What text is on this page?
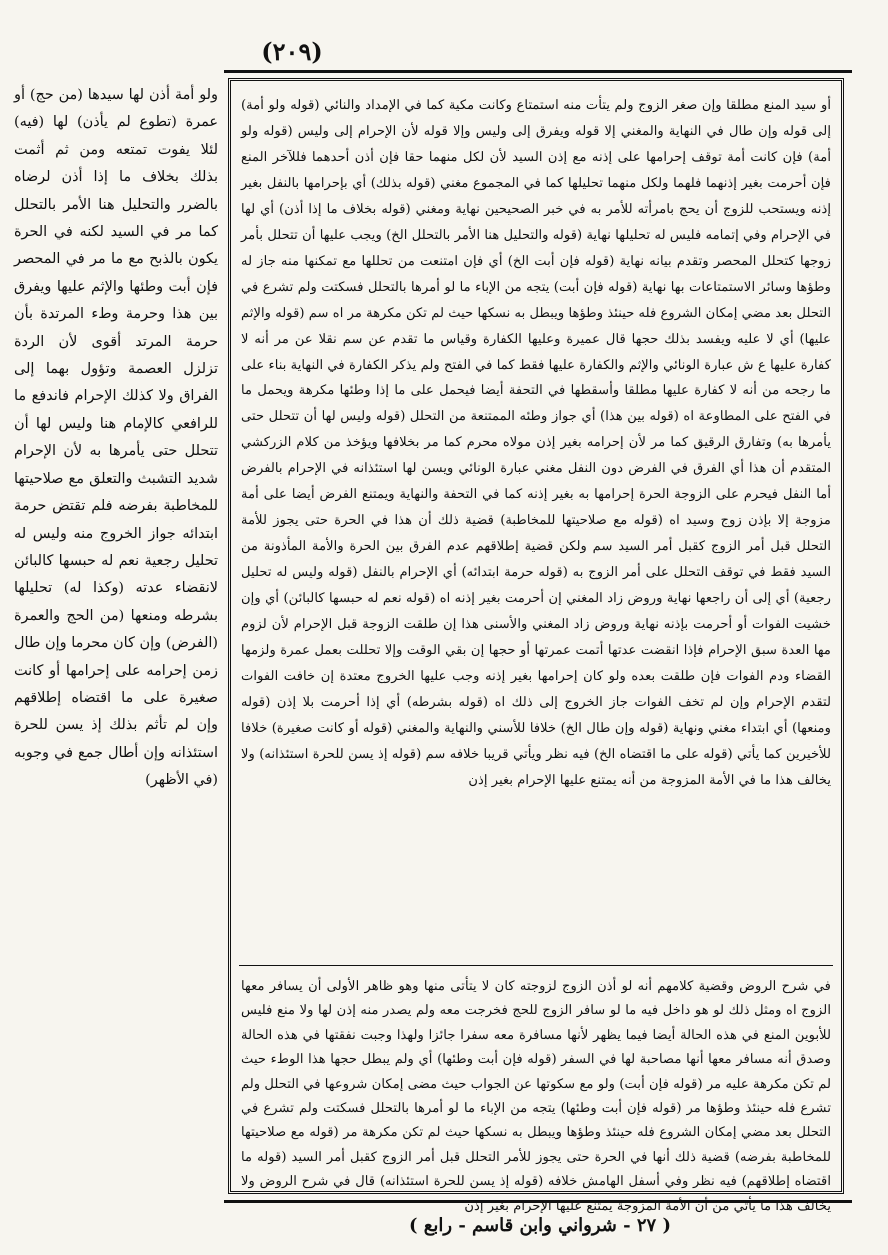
(٢٠٩)
ولو أمة أذن لها سيدها (من حج) أو عمرة (تطوع لم يأذن) لها (فيه) لئلا يفوت تمتعه ومن ثم أثمت بذلك بخلاف ما إذا أذن لرضاه بالضرر والتحليل هنا الأمر بالتحلل كما مر في السيد لكنه في الحرة يكون بالذبح مع ما مر في المحصر فإن أبت وطئها والإثم عليها ويفرق بين هذا وحرمة وطء المرتدة بأن حرمة المرتد أقوى لأن الردة تزلزل العصمة وتؤول بهما إلى الفراق ولا كذلك الإحرام فاندفع ما للرافعي كالإمام هنا وليس لها أن تتحلل حتى يأمرها به لأن الإحرام شديد التشبث والتعلق مع صلاحيتها للمخاطبة بفرضه فلم تقتض حرمة ابتدائه جواز الخروج منه وليس له تحليل رجعية نعم له حبسها كالبائن لانقضاء عدته (وكذا له) تحليلها بشرطه ومنعها (من الحج والعمرة (الفرض) وإن كان محرما وإن طال زمن إحرامه على إحرامها أو كانت صغيرة على ما اقتضاه إطلاقهم وإن لم تأثم بذلك إذ يسن للحرة استئذانه وإن أطال جمع في وجوبه (في الأظهر)
أو سيد المنع مطلقا وإن صغر الزوج ولم يتأت منه استمتاع وكانت مكية كما في الإمداد والنائي (قوله ولو أمة) إلى قوله وإن طال في النهاية والمغني إلا قوله ويفرق إلى وليس وإلا قوله لأن الإحرام إلى وليس (قوله ولو أمة) فإن كانت أمة توقف إحرامها على إذنه مع إذن السيد لأن لكل منهما حقا فإن أذن أحدهما فللآخر المنع فإن أحرمت بغير إذنهما فلهما ولكل منهما تحليلها كما في المجموع مغني (قوله بذلك) أي بإحرامها بالنفل بغير إذنه ويستحب للزوج أن يحج بامرأته للأمر به في خبر الصحيحين نهاية ومغني (قوله بخلاف ما إذا أذن) أي لها في الإحرام وفي إتمامه فليس له تحليلها نهاية (قوله والتحليل هنا الأمر بالتحلل الخ) ويجب عليها أن تتحلل بأمر زوجها كتحلل المحصر وتقدم بيانه نهاية (قوله فإن أبت الخ) أي فإن امتنعت من تحللها مع تمكنها منه جاز له وطؤها وسائر الاستمتاعات بها نهاية (قوله فإن أبت) يتجه من الإباء ما لو أمرها بالتحلل فسكتت ولم تشرع في التحلل بعد مضي إمكان الشروع فله حينئذ وطؤها ويبطل به نسكها حيث لم تكن مكرهة مر اه سم (قوله والإثم عليها) أي لا عليه ويفسد بذلك حجها قال عميرة وعليها الكفارة وقياس ما تقدم عن سم نقلا عن مر أنه لا كفارة عليها ع ش عبارة الونائي والإثم والكفارة عليها فقط كما في الفتح ولم يذكر الكفارة في النهاية بناء على ما رجحه من أنه لا كفارة عليها مطلقا وأسقطها في التحفة أيضا فيحمل على ما إذا وطئها مكرهة ويحمل ما في الفتح على المطاوعة اه (قوله بين هذا) أي جواز وطئه الممتنعة من التحلل (قوله وليس لها أن تتحلل حتى يأمرها به) وتفارق الرقيق كما مر لأن إحرامه بغير إذن مولاه محرم كما مر بخلافها ويؤخذ من كلام الزركشي المتقدم أن هذا أي الفرق في الفرض دون النفل مغني عبارة الونائي ويسن لها استئذانه في الإحرام بالفرض أما النفل فيحرم على الزوجة الحرة إحرامها به بغير إذنه كما في التحفة والنهاية ويمتنع الفرض أيضا على أمة مزوجة إلا بإذن زوج وسيد اه (قوله مع صلاحيتها للمخاطبة) قضية ذلك أن هذا في الحرة حتى يجوز للأمة التحلل قبل أمر الزوج كقبل أمر السيد سم ولكن قضية إطلاقهم عدم الفرق بين الحرة والأمة المأذونة من السيد فقط في توقف التحلل على أمر الزوج به (قوله حرمة ابتدائه) أي الإحرام بالنفل (قوله وليس له تحليل رجعية) أي إلى أن راجعها نهاية وروض زاد المغني إن أحرمت بغير إذنه اه (قوله نعم له حبسها كالبائن) أي وإن خشيت الفوات أو أحرمت بإذنه نهاية وروض زاد المغني والأسنى هذا إن طلقت الزوجة قبل الإحرام لأن لزوم مها العدة سبق الإحرام فإذا انقضت عدتها أتمت عمرتها أو حجها إن بقي الوقت وإلا تحللت بعمل عمرة ولزمها القضاء ودم الفوات فإن طلقت بعده ولو كان إحرامها بغير إذنه وجب عليها الخروج معتدة إن خافت الفوات لتقدم الإحرام وإن لم تخف الفوات جاز الخروج إلى ذلك اه (قوله بشرطه) أي إذا أحرمت بلا إذن (قوله ومنعها) أي ابتداء مغني ونهاية (قوله وإن طال الخ) خلافا للأسني والنهاية والمغني (قوله أو كانت صغيرة) خلافا للأخيرين كما يأتي (قوله على ما اقتضاه الخ) فيه نظر ويأتي قريبا خلافه سم (قوله إذ يسن للحرة استئذانه) ولا يخالف هذا ما في الأمة المزوجة من أنه يمتنع عليها الإحرام بغير إذن
في شرح الروض وقضية كلامهم أنه لو أذن الزوج لزوجته كان لا يتأتى منها وهو ظاهر الأولى أن يسافر معها الزوج اه ومثل ذلك لو هو داخل فيه ما لو سافر الزوج للحج فخرجت معه ولم يصدر منه إذن لها ولا منع فليس للأبوين المنع في هذه الحالة أيضا فيما يظهر لأنها مسافرة معه سفرا جائزا ولهذا وجبت نفقتها في هذه الحالة وصدق أنه مسافر معها أنها مصاحبة لها في السفر (قوله فإن أبت وطئها) أي ولم يبطل حجها هذا الوطء حيث لم تكن مكرهة عليه مر (قوله فإن أبت) ولو مع سكوتها عن الجواب حيث مضى إمكان شروعها في التحلل ولم تشرع فله حينئذ وطؤها مر (قوله فإن أبت وطئها) يتجه من الإباء ما لو أمرها بالتحلل فسكتت ولم تشرع في التحلل بعد مضي إمكان الشروع فله حينئذ وطؤها ويبطل به نسكها حيث لم تكن مكرهة مر (قوله مع صلاحيتها للمخاطبة بفرضه) قضية ذلك أنها في الحرة حتى يجوز للأمر التحلل قبل أمر الزوج كقبل أمر السيد (قوله ما اقتضاه إطلاقهم) فيه نظر وفي أسفل الهامش خلافه (قوله إذ يسن للحرة استئذانه) قال في شرح الروض ولا يخالف هذا ما يأتي من أن الأمة المزوجة يمتنع عليها الإحرام بغير إذن
( ٢٧ - شرواني وابن قاسم - رابع )
